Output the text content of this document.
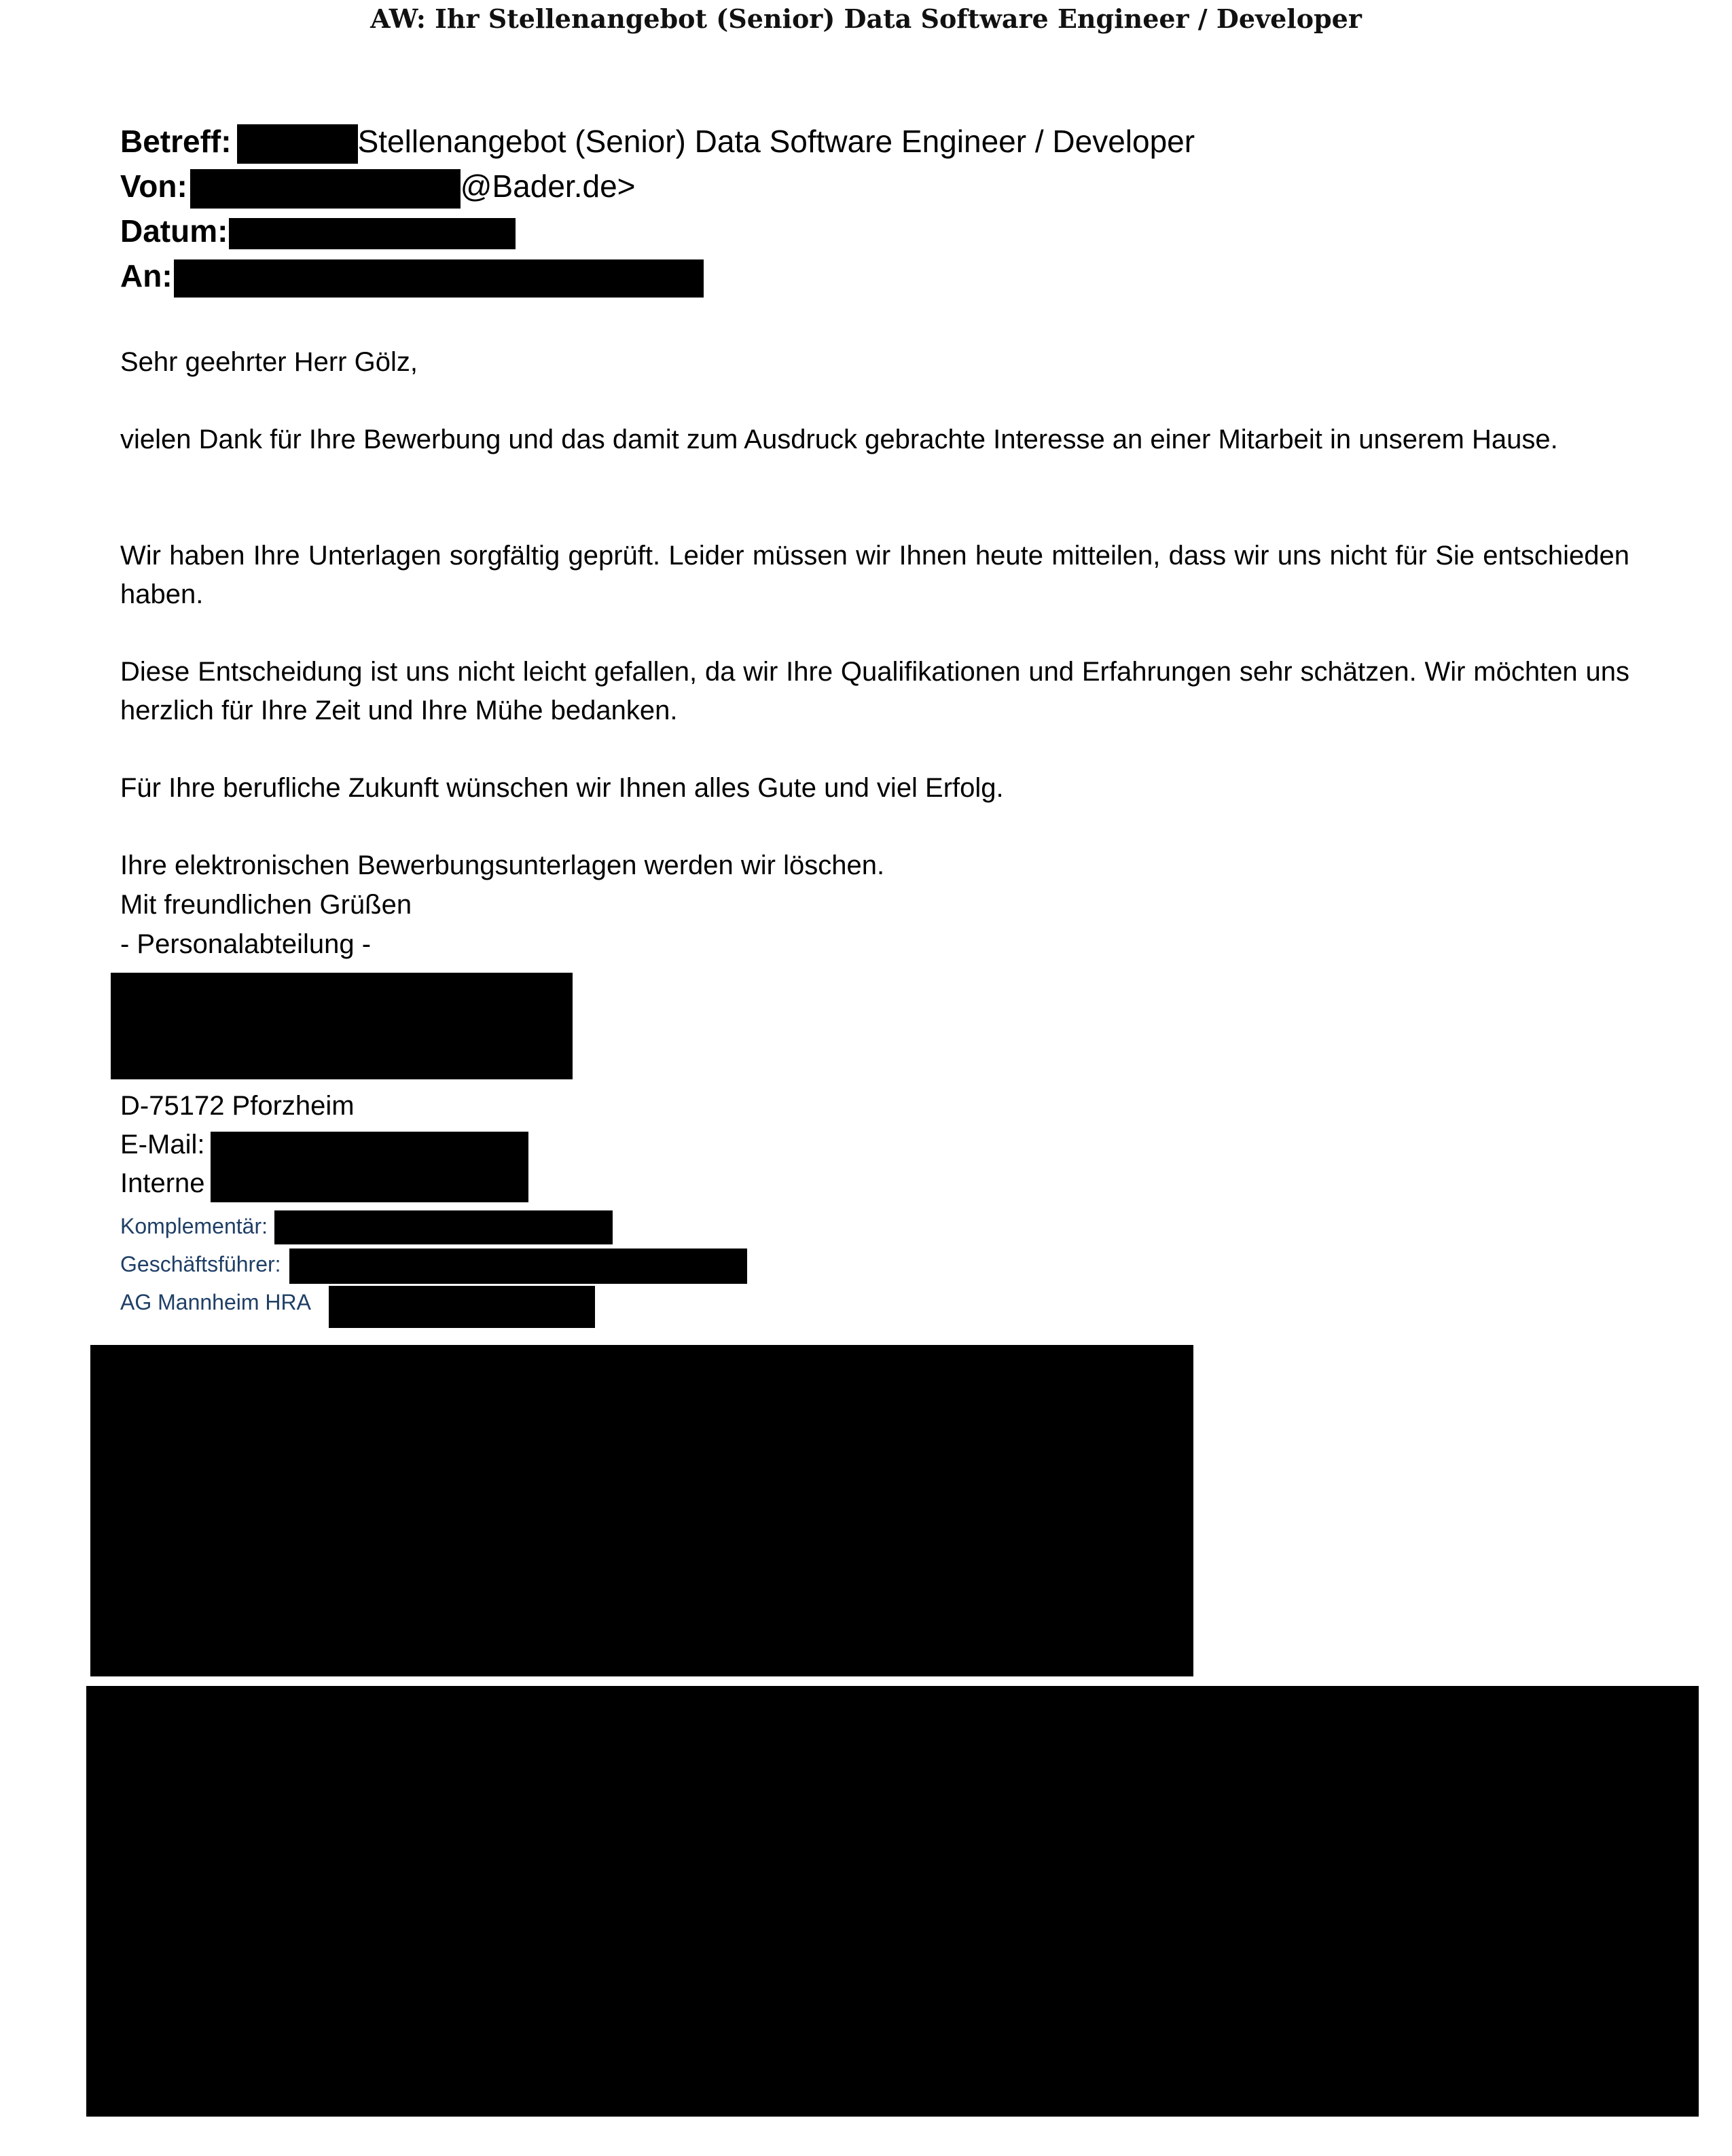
AW: Ihr Stellenangebot (Senior) Data Software Engineer / Developer
Betreff:	Stellenangebot (Senior) Data Software Engineer / Developer
Von:	@Bader.de>
Datum:
An:
Sehr geehrter Herr Gölz,

vielen Dank für Ihre Bewerbung und das damit zum Ausdruck gebrachte Interesse an einer Mitarbeit in unserem Hause.

Wir haben Ihre Unterlagen sorgfältig geprüft. Leider müssen wir Ihnen heute mitteilen, dass wir uns nicht für Sie entschieden haben.

Diese Entscheidung ist uns nicht leicht gefallen, da wir Ihre Qualifikationen und Erfahrungen sehr schätzen. Wir möchten uns herzlich für Ihre Zeit und Ihre Mühe bedanken.

Für Ihre berufliche Zukunft wünschen wir Ihnen alles Gute und viel Erfolg.
Ihre elektronischen Bewerbungsunterlagen werden wir löschen.
Mit freundlichen Grüßen
- Personalabteilung -
D-75172 Pforzheim
E-Mail:
Interne
Komplementär:
Geschäftsführer:
AG Mannheim HRA
